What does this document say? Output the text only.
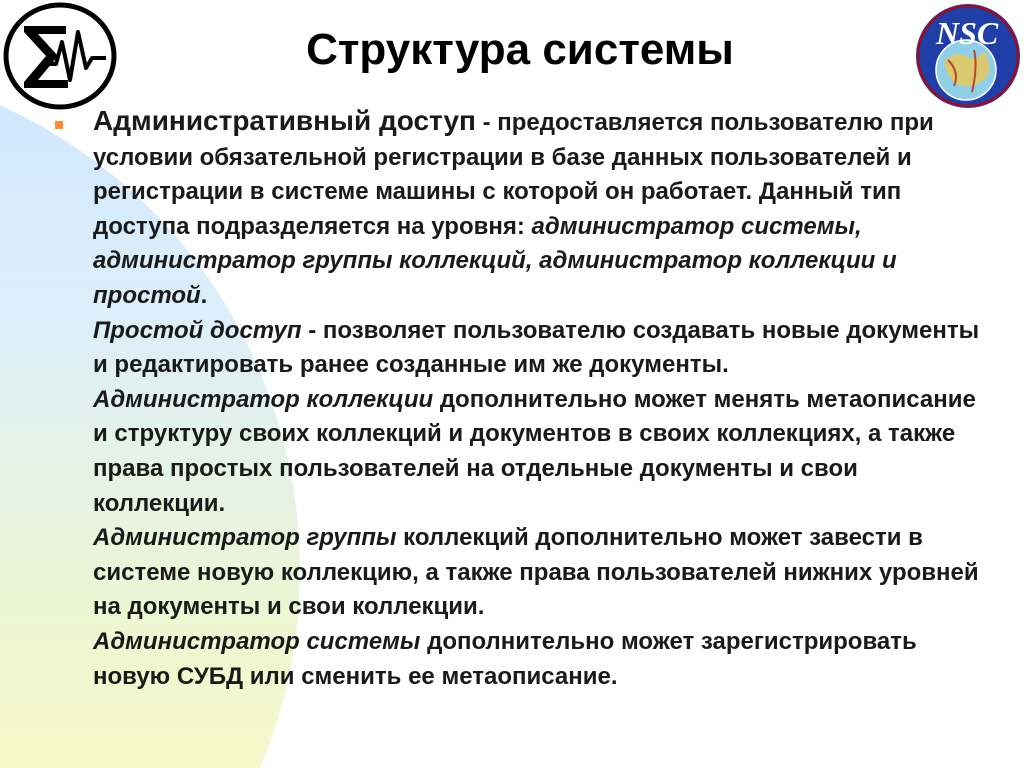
NSC
Структура системы

Административный доступ - предоставляется пользователю при условии обязательной регистрации в базе данных пользователей и регистрации в системе машины с которой он работает. Данный тип доступа подразделяется на уровня: администратор системы, администратор группы коллекций, администратор коллекции и простой.

Простой доступ - позволяет пользователю создавать новые документы и редактировать ранее созданные им же документы.

Администратор коллекции дополнительно может менять метаописание и структуру своих коллекций и документов в своих коллекциях, а также права простых пользователей на отдельные документы и свои коллекции.

Администратор группы коллекций дополнительно может завести в системе новую коллекцию, а также права пользователей нижних уровней на документы и свои коллекции.

Администратор системы дополнительно может зарегистрировать новую СУБД или сменить ее метаописание.
